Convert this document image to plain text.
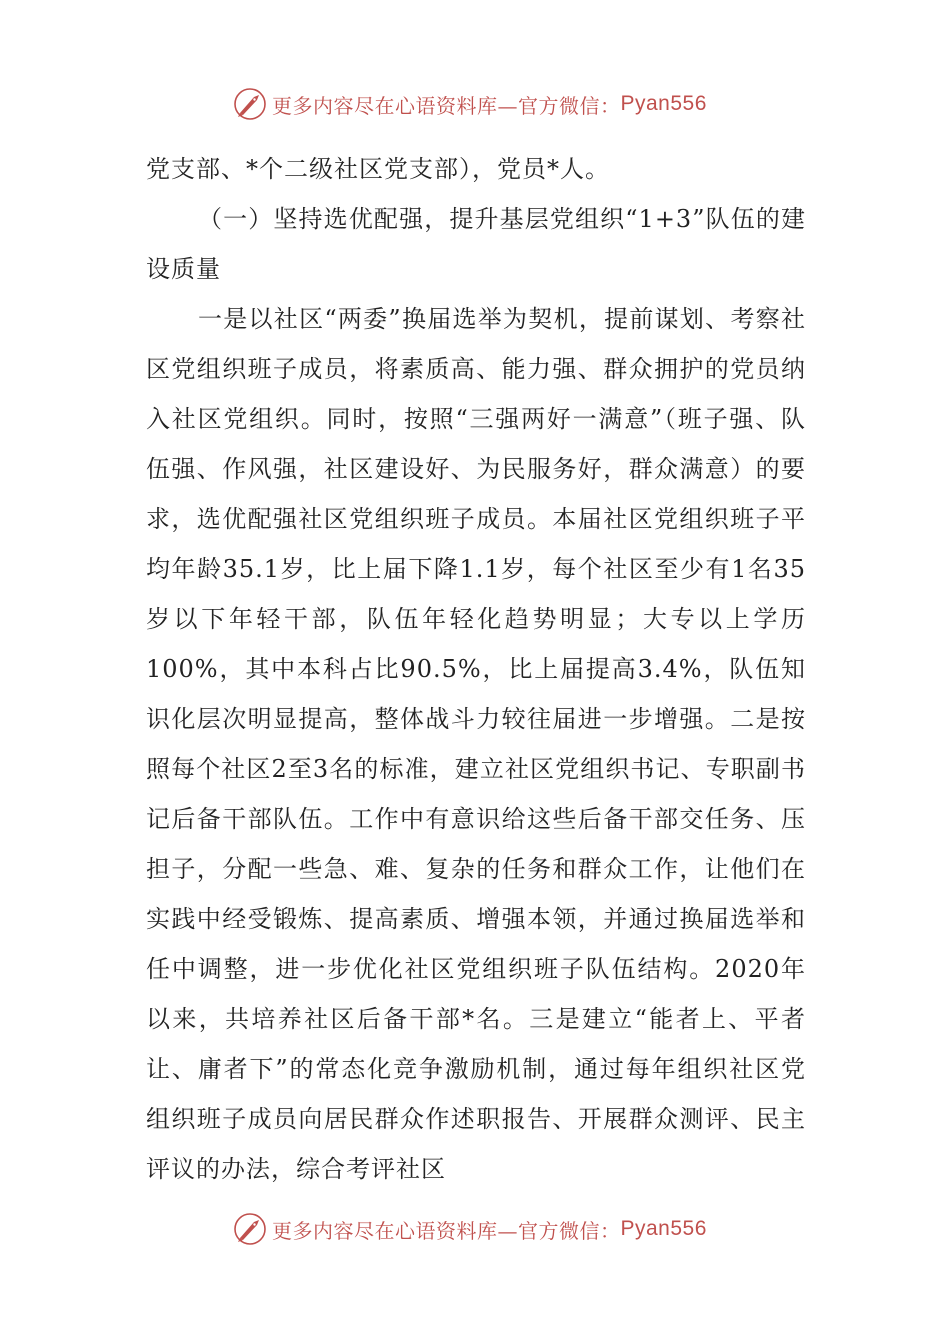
更多内容尽在心语资料库—官方微信： Pyan556

党支部、*个二级社区党支部），党员*人。

（一）坚持选优配强，提升基层党组织“1+3”队伍的建设质量

一是以社区“两委”换届选举为契机，提前谋划、考察社区党组织班子成员，将素质高、能力强、群众拥护的党员纳入社区党组织。同时，按照“三强两好一满意”（班子强、队伍强、作风强，社区建设好、为民服务好，群众满意）的要求，选优配强社区党组织班子成员。本届社区党组织班子平均年龄35.1岁，比上届下降1.1岁，每个社区至少有1名35岁以下年轻干部，队伍年轻化趋势明显；大专以上学历100%，其中本科占比90.5%，比上届提高3.4%，队伍知识化层次明显提高，整体战斗力较往届进一步增强。二是按照每个社区2至3名的标准，建立社区党组织书记、专职副书记后备干部队伍。工作中有意识给这些后备干部交任务、压担子，分配一些急、难、复杂的任务和群众工作，让他们在实践中经受锻炼、提高素质、增强本领，并通过换届选举和任中调整，进一步优化社区党组织班子队伍结构。2020年以来，共培养社区后备干部*名。三是建立“能者上、平者让、庸者下”的常态化竞争激励机制，通过每年组织社区党组织班子成员向居民群众作述职报告、开展群众测评、民主评议的办法，综合考评社区

更多内容尽在心语资料库—官方微信： Pyan556
